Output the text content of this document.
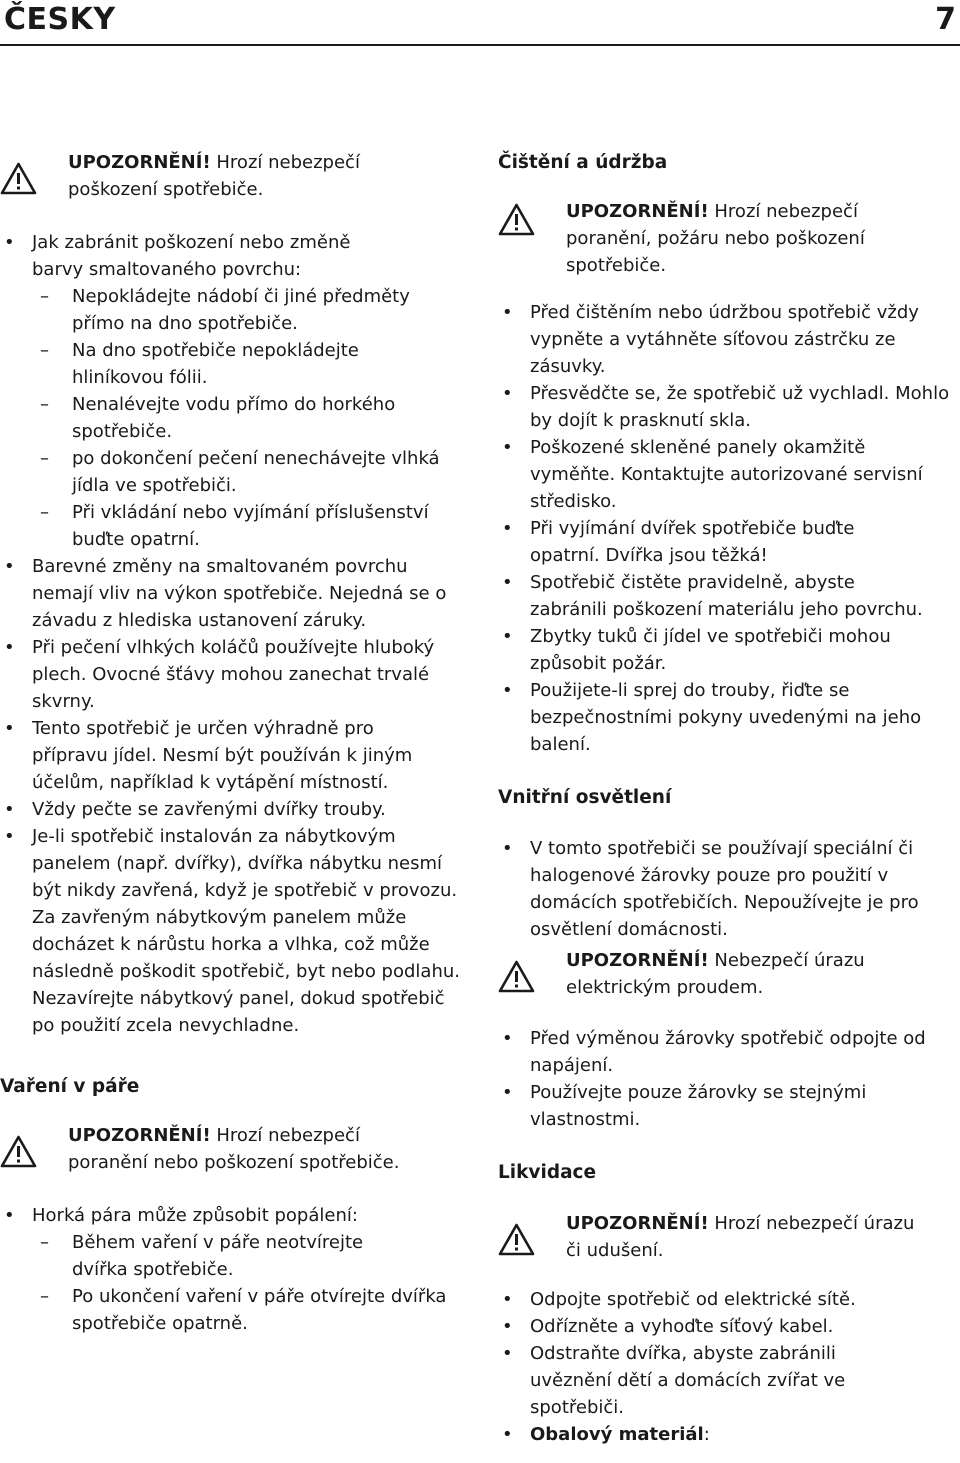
ČESKY	7
UPOZORNĚNÍ! Hrozí nebezpečí poškození spotřebiče.
• Jak zabránit poškození nebo změně barvy smaltovaného povrchu:
– Nepokládejte nádobí či jiné předměty přímo na dno spotřebiče.
– Na dno spotřebiče nepokládejte hliníkovou fólii.
– Nenalévejte vodu přímo do horkého spotřebiče.
– po dokončení pečení nenechávejte vlhká jídla ve spotřebiči.
– Při vkládání nebo vyjímání příslušenství buďte opatrní.
• Barevné změny na smaltovaném povrchu nemají vliv na výkon spotřebiče. Nejedná se o závadu z hlediska ustanovení záruky.
• Při pečení vlhkých koláčů používejte hluboký plech. Ovocné šťávy mohou zanechat trvalé skvrny.
• Tento spotřebič je určen výhradně pro přípravu jídel. Nesmí být používán k jiným účelům, například k vytápění místností.
• Vždy pečte se zavřenými dvířky trouby.
• Je-li spotřebič instalován za nábytkovým panelem (např. dvířky), dvířka nábytku nesmí být nikdy zavřená, když je spotřebič v provozu. Za zavřeným nábytkovým panelem může docházet k nárůstu horka a vlhka, což může následně poškodit spotřebič, byt nebo podlahu. Nezavírejte nábytkový panel, dokud spotřebič po použití zcela nevychladne.
Vaření v páře
UPOZORNĚNÍ! Hrozí nebezpečí poranění nebo poškození spotřebiče.
• Horká pára může způsobit popálení:
– Během vaření v páře neotvírejte dvířka spotřebiče.
– Po ukončení vaření v páře otvírejte dvířka spotřebiče opatrně.
Čištění a údržba
UPOZORNĚNÍ! Hrozí nebezpečí poranění, požáru nebo poškození spotřebiče.
• Před čištěním nebo údržbou spotřebič vždy vypněte a vytáhněte síťovou zástrčku ze zásuvky.
• Přesvědčte se, že spotřebič už vychladl. Mohlo by dojít k prasknutí skla.
• Poškozené skleněné panely okamžitě vyměňte. Kontaktujte autorizované servisní středisko.
• Při vyjímání dvířek spotřebiče buďte opatrní. Dvířka jsou těžká!
• Spotřebič čistěte pravidelně, abyste zabránili poškození materiálu jeho povrchu.
• Zbytky tuků či jídel ve spotřebiči mohou způsobit požár.
• Použijete-li sprej do trouby, řiďte se bezpečnostními pokyny uvedenými na jeho balení.
Vnitřní osvětlení
• V tomto spotřebiči se používají speciální či halogenové žárovky pouze pro použití v domácích spotřebičích. Nepoužívejte je pro osvětlení domácnosti.
UPOZORNĚNÍ! Nebezpečí úrazu elektrickým proudem.
• Před výměnou žárovky spotřebič odpojte od napájení.
• Používejte pouze žárovky se stejnými vlastnostmi.
Likvidace
UPOZORNĚNÍ! Hrozí nebezpečí úrazu či udušení.
• Odpojte spotřebič od elektrické sítě.
• Odřízněte a vyhoďte síťový kabel.
• Odstraňte dvířka, abyste zabránili uvěznění dětí a domácích zvířat ve spotřebiči.
• Obalový materiál:
